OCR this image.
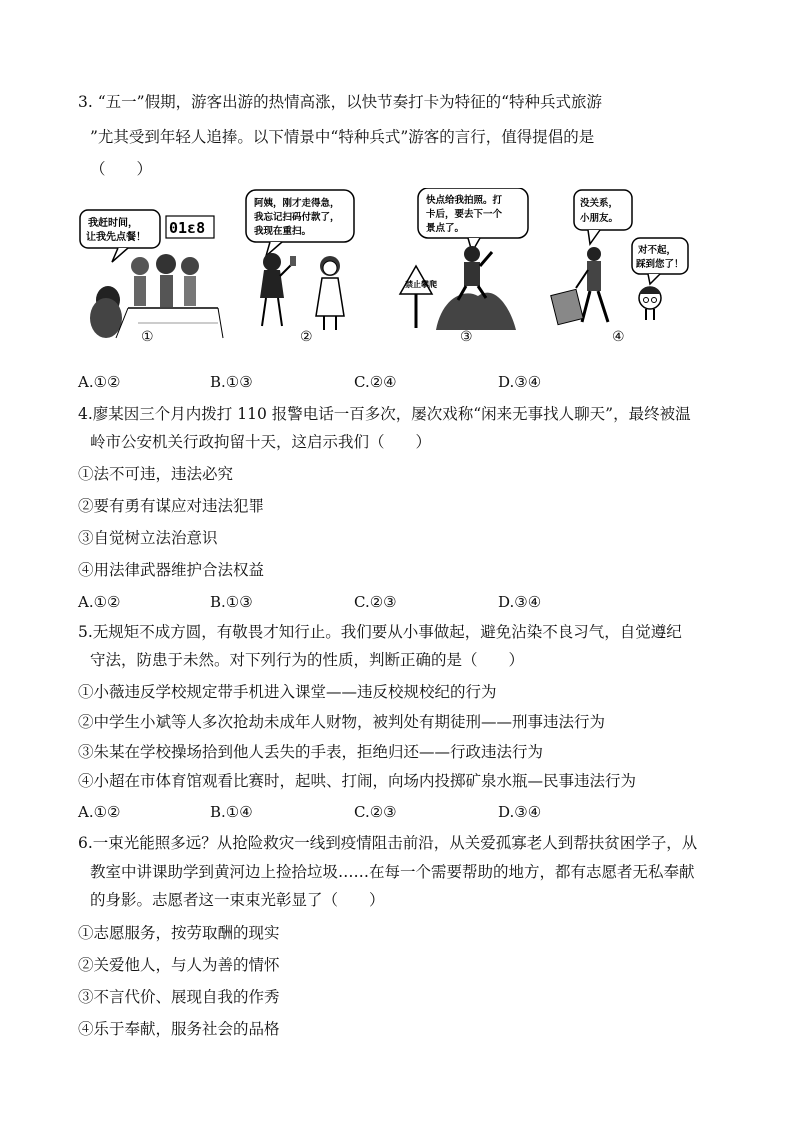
3. “五一”假期，游客出游的热情高涨，以快节奏打卡为特征的“特种兵式旅游
”尤其受到年轻人追捧。以下情景中“特种兵式”游客的言行，值得提倡的是
（　　）
我赶时间，
让我先点餐！
01ε8
①
阿姨，刚才走得急，
我忘记扫码付款了，
我现在重扫。
②
快点给我拍照。打
卡后，要去下一个
景点了。
禁止攀爬
③
没关系，
小朋友。
对不起，
踩到您了！
④
A.①②	B.①③	C.②④	D.③④
4.廖某因三个月内拨打 110 报警电话一百多次，屡次戏称“闲来无事找人聊天”，最终被温
岭市公安机关行政拘留十天，这启示我们（　　）
①法不可违，违法必究
②要有勇有谋应对违法犯罪
③自觉树立法治意识
④用法律武器维护合法权益
A.①②	B.①③	C.②③	D.③④
5.无规矩不成方圆，有敬畏才知行止。我们要从小事做起，避免沾染不良习气，自觉遵纪
守法，防患于未然。对下列行为的性质，判断正确的是（　　）
①小薇违反学校规定带手机进入课堂——违反校规校纪的行为
②中学生小斌等人多次抢劫未成年人财物，被判处有期徒刑——刑事违法行为
③朱某在学校操场拾到他人丢失的手表，拒绝归还——行政违法行为
④小超在市体育馆观看比赛时，起哄、打闹，向场内投掷矿泉水瓶—民事违法行为
A.①②	B.①④	C.②③	D.③④
6.一束光能照多远？从抢险救灾一线到疫情阻击前沿，从关爱孤寡老人到帮扶贫困学子，从
教室中讲课助学到黄河边上捡拾垃圾……在每一个需要帮助的地方，都有志愿者无私奉献
的身影。志愿者这一束束光彰显了（　　）
①志愿服务，按劳取酬的现实
②关爱他人，与人为善的情怀
③不言代价、展现自我的作秀
④乐于奉献，服务社会的品格
